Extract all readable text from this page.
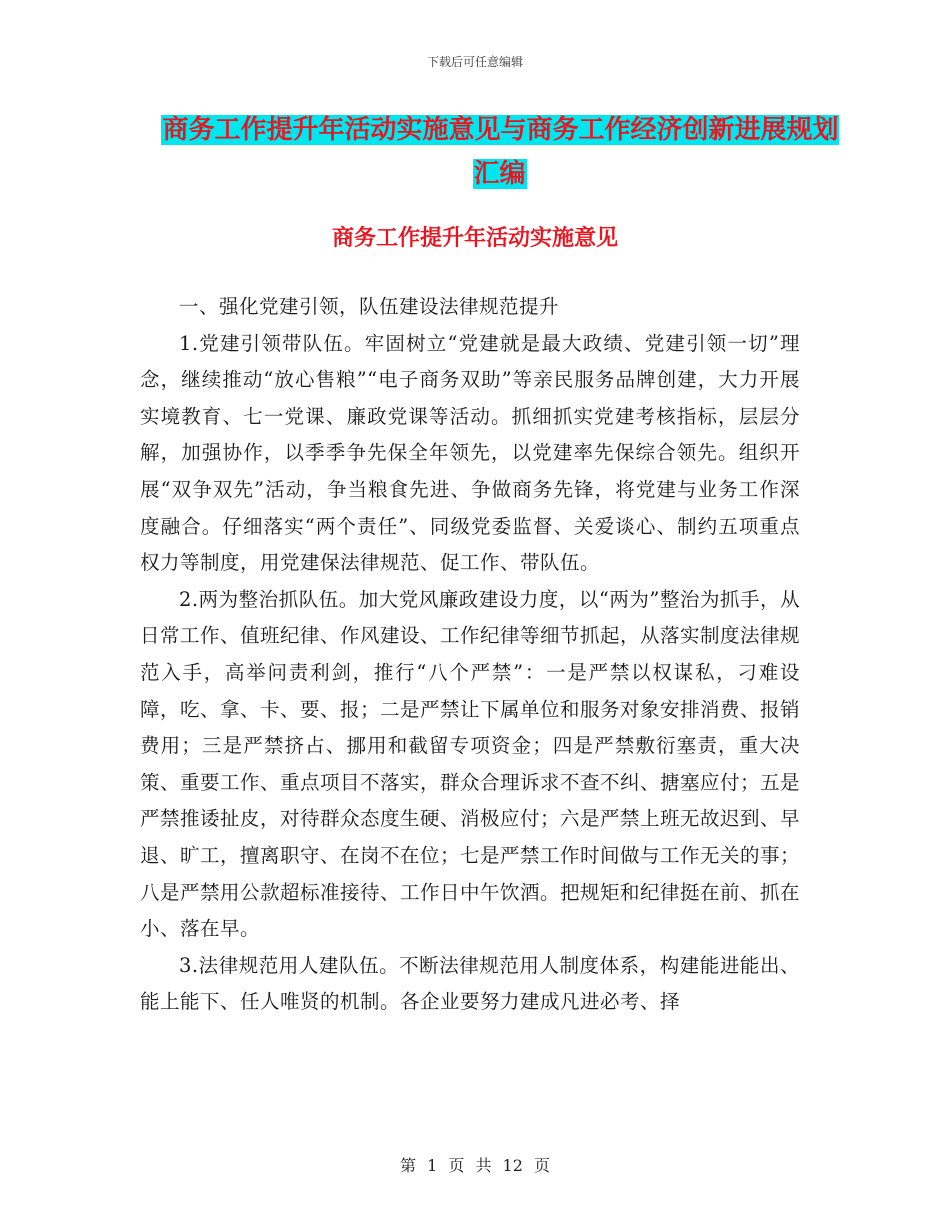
下载后可任意编辑
商务工作提升年活动实施意见与商务工作经济创新进展规划汇编
商务工作提升年活动实施意见

一、强化党建引领，队伍建设法律规范提升

1.党建引领带队伍。牢固树立“党建就是最大政绩、党建引领一切”理念，继续推动“放心售粮”“电子商务双助”等亲民服务品牌创建，大力开展实境教育、七一党课、廉政党课等活动。抓细抓实党建考核指标，层层分解，加强协作，以季季争先保全年领先，以党建率先保综合领先。组织开展“双争双先”活动，争当粮食先进、争做商务先锋，将党建与业务工作深度融合。仔细落实“两个责任”、同级党委监督、关爱谈心、制约五项重点权力等制度，用党建保法律规范、促工作、带队伍。

2.两为整治抓队伍。加大党风廉政建设力度，以“两为”整治为抓手，从日常工作、值班纪律、作风建设、工作纪律等细节抓起，从落实制度法律规范入手，高举问责利剑，推行“八个严禁”：一是严禁以权谋私，刁难设障，吃、拿、卡、要、报；二是严禁让下属单位和服务对象安排消费、报销费用；三是严禁挤占、挪用和截留专项资金；四是严禁敷衍塞责，重大决策、重要工作、重点项目不落实，群众合理诉求不查不纠、搪塞应付；五是严禁推诿扯皮，对待群众态度生硬、消极应付；六是严禁上班无故迟到、早退、旷工，擅离职守、在岗不在位；七是严禁工作时间做与工作无关的事；八是严禁用公款超标准接待、工作日中午饮酒。把规矩和纪律挺在前、抓在小、落在早。

3.法律规范用人建队伍。不断法律规范用人制度体系，构建能进能出、能上能下、任人唯贤的机制。各企业要努力建成凡进必考、择

第 1 页 共 12 页
